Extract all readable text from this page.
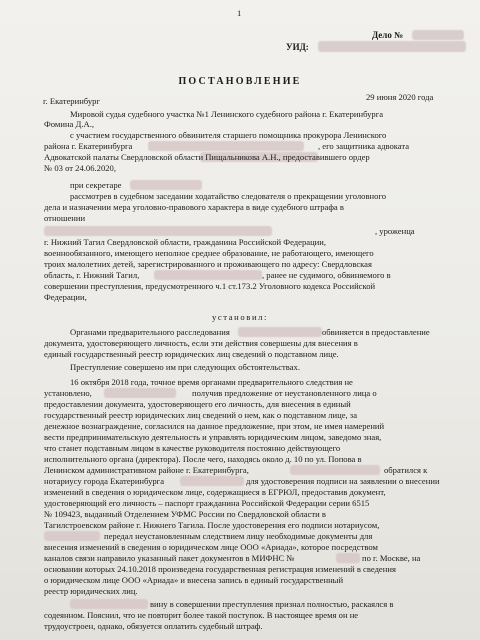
1
Дело №
УИД:
ПОСТАНОВЛЕНИЕ
г. Екатеринбург	29 июня 2020 года
Мировой судья судебного участка №1 Ленинского судебного района г. Екатеринбурга
Фомина Д.А.,
с участием государственного обвинителя старшего помощника прокурора Ленинского
района г. Екатеринбурга	, его защитника адвоката
Адвокатской палаты Свердловской области Пищальникова А.Н., предоставившего ордер
№ 03 от 24.06.2020,
при секретаре
рассмотрев в судебном заседании ходатайство следователя о прекращении уголовного
дела и назначении мера уголовно-правового характера в виде судебного штрафа в
отношении
, уроженца
г. Нижний Тагил Свердловской области, гражданина Российской Федерации,
военнообязанного, имеющего неполное среднее образование, не работающего, имеющего
троих малолетних детей, зарегистрированного и проживающего по адресу: Свердловская
область, г. Нижний Тагил,	, ранее не судимого, обвиняемого в
совершении преступления, предусмотренного ч.1 ст.173.2 Уголовного кодекса Российской
Федерации,
установил:
Органами предварительного расследования	обвиняется в предоставление
документа, удостоверяющего личность, если эти действия совершены для внесения в
единый государственный реестр юридических лиц сведений о подставном лице.
Преступление совершено им при следующих обстоятельствах.
16 октября 2018 года, точное время органами предварительного следствия не
установлено,	получив предложение от неустановленного лица о
предоставлении документа, удостоверяющего его личность, для внесения в единый
государственный реестр юридических лиц сведений о нем, как о подставном лице, за
денежное вознаграждение, согласился на данное предложение, при этом, не имея намерений
вести предпринимательскую деятельность и управлять юридическим лицом, заведомо зная,
что станет подставным лицом в качестве руководителя постоянно действующего
исполнительного органа (директора). После чего, находясь около д. 10 по ул. Попова в
Ленинском административном районе г. Екатеринбурга,	обратился к
нотариусу города Екатеринбурга	для удостоверения подписи на заявлении о внесении
изменений в сведения о юридическом лице, содержащиеся в ЕГРЮЛ, предоставив документ,
удостоверяющий его личность – паспорт гражданина Российской Федерации серии 6515
№ 109423, выданный Отделением УФМС России по Свердловской области в
Тагилстроевском районе г. Нижнего Тагила. После удостоверения его подписи нотариусом,
передал неустановленным следствием лицу необходимые документы для
внесения изменений в сведения о юридическом лице ООО «Ариада», которое посредством
каналов связи направило указанный пакет документов в МИФНС №	по г. Москве, на
основании которых 24.10.2018 произведена государственная регистрация изменений в сведения
о юридическом лице ООО «Ариада» и внесена запись в единый государственный
реестр юридических лиц.
вину в совершении преступления признал полностью, раскаялся в
содеянном. Пояснил, что не повторит более такой поступок. В настоящее время он не
трудоустроен, однако, обязуется оплатить судебный штраф.
